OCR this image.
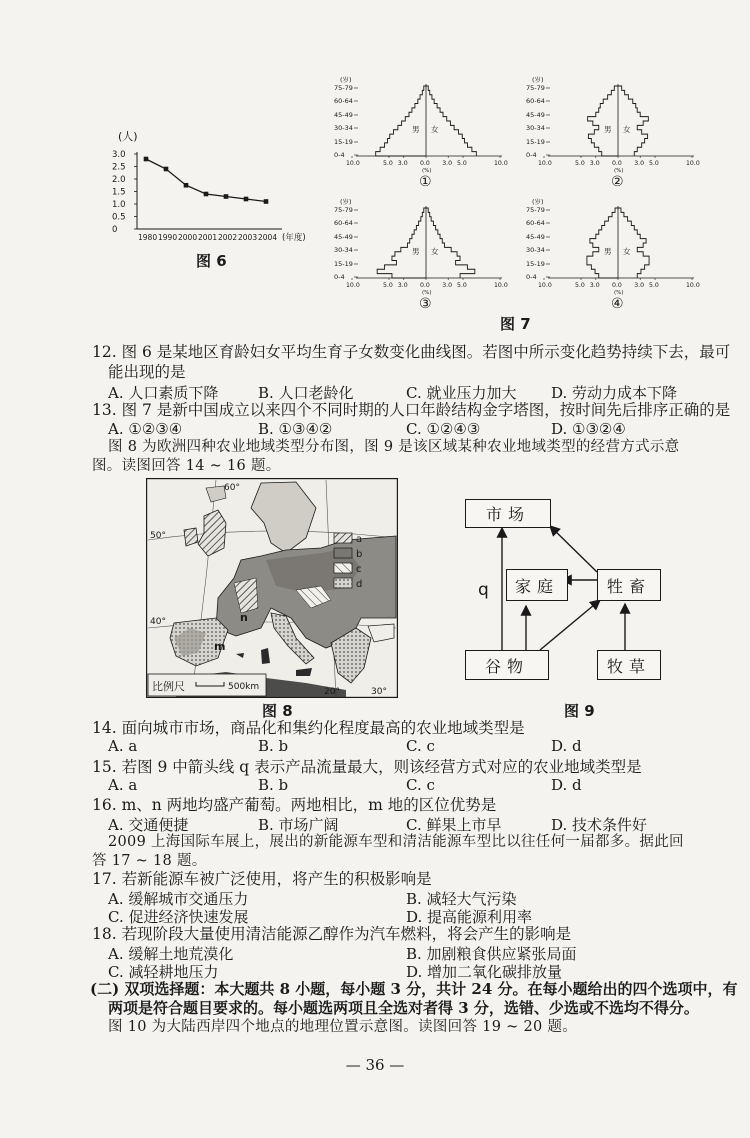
(人)
3.0
2.5
2.0
1.5
1.0
0.5
0
1980 1990 2000 2001 2002 2003 2004 (年度)
图 6
(岁)
75-79
60-64
45-49
30-34
15-19
0-4
男 女
10.0	5.0 3.0 0.0 3.0 5.0	10.0
(%)
①
(岁)
75-79
60-64
45-49
30-34
15-19
0-4
男 女
10.0	5.0 3.0 0.0 3.0 5.0	10.0
(%)
②
(岁)
75-79
60-64
45-49
30-34
15-19
0-4
男 女
10.0	5.0 3.0 0.0 3.0 5.0	10.0
(%)
③
(岁)
75-79
60-64
45-49
30-34
15-19
0-4
男 女
10.0	5.0 3.0 0.0 3.0 5.0	10.0
(%)
④
图 7
12. 图 6 是某地区育龄妇女平均生育子女数变化曲线图。若图中所示变化趋势持续下去，最可
能出现的是
A. 人口素质下降	B. 人口老龄化	C. 就业压力加大 D. 劳动力成本下降
13. 图 7 是新中国成立以来四个不同时期的人口年龄结构金字塔图，按时间先后排序正确的是
A. ①②③④	B. ①③④②	C. ①②④③	D. ①③②④
图 8 为欧洲四种农业地域类型分布图，图 9 是该区域某种农业地域类型的经营方式示意
图。读图回答 14 ~ 16 题。
60°
50°
40°
20°	30°
m
n
a
b
c
d
比例尺	500km
图 8
q
市场
家庭	牲畜
谷物	牧草
图 9
14. 面向城市市场，商品化和集约化程度最高的农业地域类型是
A. a	B. b	C. c	D. d
15. 若图 9 中箭头线 q 表示产品流量最大，则该经营方式对应的农业地域类型是
A. a	B. b	C. c	D. d
16. m、n 两地均盛产葡萄。两地相比，m 地的区位优势是
A. 交通便捷	B. 市场广阔	C. 鲜果上市早	D. 技术条件好
2009 上海国际车展上，展出的新能源车型和清洁能源车型比以往任何一届都多。据此回
答 17 ~ 18 题。
17. 若新能源车被广泛使用，将产生的积极影响是
A. 缓解城市交通压力	B. 减轻大气污染
C. 促进经济快速发展	D. 提高能源利用率
18. 若现阶段大量使用清洁能源乙醇作为汽车燃料，将会产生的影响是
A. 缓解土地荒漠化	B. 加剧粮食供应紧张局面
C. 减轻耕地压力	D. 增加二氧化碳排放量
(二) 双项选择题：本大题共 8 小题，每小题 3 分，共计 24 分。在每小题给出的四个选项中，有
两项是符合题目要求的。每小题选两项且全选对者得 3 分，选错、少选或不选均不得分。
图 10 为大陆西岸四个地点的地理位置示意图。读图回答 19 ~ 20 题。
— 36 —
